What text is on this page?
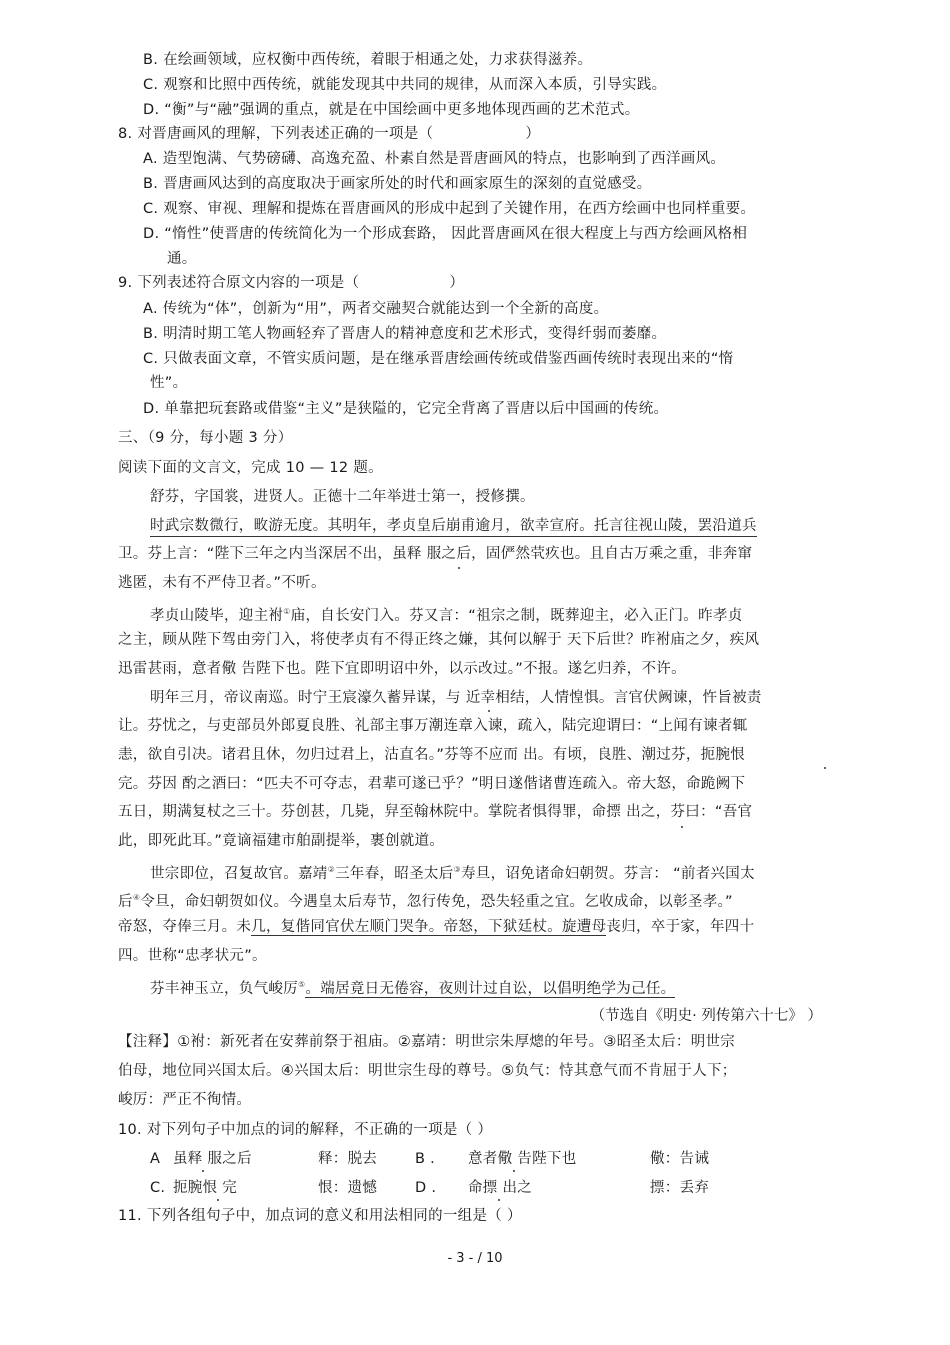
B. 在绘画领域，应权衡中西传统，着眼于相通之处，力求获得滋养。
C. 观察和比照中西传统，就能发现其中共同的规律，从而深入本质，引导实践。
D. “衡”与“融”强调的重点，就是在中国绘画中更多地体现西画的艺术范式。
8. 对晋唐画风的理解，下列表述正确的一项是（	）
A. 造型饱满、气势磅礴、高逸充盈、朴素自然是晋唐画风的特点，也影响到了西洋画风。
B. 晋唐画风达到的高度取决于画家所处的时代和画家原生的深刻的直觉感受。
C. 观察、审视、理解和提炼在晋唐画风的形成中起到了关键作用，在西方绘画中也同样重要。
D. “惰性”使晋唐的传统简化为一个形成套路， 因此晋唐画风在很大程度上与西方绘画风格相
通。
9. 下列表述符合原文内容的一项是（	）
A. 传统为“体”，创新为“用”，两者交融契合就能达到一个全新的高度。
B. 明清时期工笔人物画轻弃了晋唐人的精神意度和艺术形式，变得纤弱而萎靡。
C. 只做表面文章，不管实质问题，是在继承晋唐绘画传统或借鉴西画传统时表现出来的“惰
性”。
D. 单靠把玩套路或借鉴“主义”是狭隘的，它完全背离了晋唐以后中国画的传统。
三、（9 分，每小题 3 分）
阅读下面的文言文，完成 10 — 12 题。
舒芬，字国裳，进贤人。正德十二年举进士第一，授修撰。
时武宗数微行，畋游无度。其明年，孝贞皇后崩甫逾月，欲幸宣府。托言往视山陵，罢沿道兵
卫。芬上言：“陛下三年之内当深居不出，虽释 服之后，固俨然茕疚也。且自古万乘之重，非奔窜
逃匿，未有不严侍卫者。”不听。
孝贞山陵毕，迎主袝①庙，自长安门入。芬又言：“祖宗之制，既葬迎主，必入正门。昨孝贞
之主，顾从陛下驾由旁门入，将使孝贞有不得正终之嫌，其何以解于 天下后世？昨袝庙之夕，疾风
迅雷甚雨，意者儆 告陛下也。陛下宜即明诏中外，以示改过。”不报。遂乞归养，不许。
明年三月，帝议南巡。时宁王宸濠久蓄异谋，与 近幸相结，人情惶惧。言官伏阙谏，忤旨被责
让。芬忧之，与吏部员外郎夏良胜、礼部主事万潮连章入谏，疏入，陆完迎谓曰：“上闻有谏者辄
恚，欲自引决。诸君且休，勿归过君上，沽直名。”芬等不应而 出。有顷，良胜、潮过芬，扼腕恨
完。芬因 酌之酒曰：“匹夫不可夺志，君辈可遂已乎？”明日遂偕诸曹连疏入。帝大怒，命跪阙下
五日，期满复杖之三十。芬创甚，几毙，舁至翰林院中。掌院者惧得罪，命摽 出之，芬曰：“吾官
此，即死此耳。”竟谪福建市舶副提举，裹创就道。
世宗即位，召复故官。嘉靖②三年春，昭圣太后③寿旦，诏免诸命妇朝贺。芬言： “前者兴国太
后④令旦，命妇朝贺如仪。今遇皇太后寿节，忽行传免，恐失轻重之宜。乞收成命，以彰圣孝。”
帝怒，夺俸三月。未几，复偕同官伏左顺门哭争。帝怒，下狱廷杖。旋遭母丧归，卒于家，年四十
四。世称“忠孝状元”。
芬丰神玉立，负气峻厉⑤。端居竟日无倦容，夜则计过自讼，以倡明绝学为己任。
（节选自《明史· 列传第六十七》 ）
【注释】①袝：新死者在安葬前祭于祖庙。②嘉靖：明世宗朱厚熜的年号。③昭圣太后：明世宗
伯母，地位同兴国太后。④兴国太后：明世宗生母的尊号。⑤负气：恃其意气而不肯屈于人下；
峻厉：严正不徇情。
10. 对下列句子中加点的词的解释，不正确的一项是（ ）
A 虽释 服之后	释：脱去	B . 意者儆 告陛下也	儆：告诫
C. 扼腕恨 完	恨：遗憾	D . 命摽 出之	摽：丢弃
11. 下列各组句子中，加点词的意义和用法相同的一组是（ ）
- 3 - / 10
